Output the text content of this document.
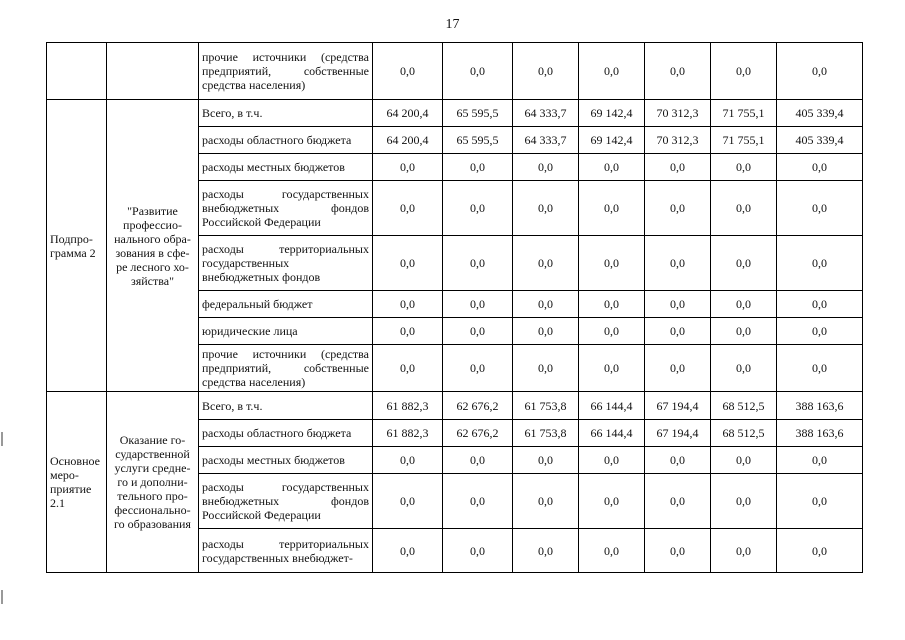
17
		прочие источники (средства предприятий, собственные средства населения)	0,0	0,0	0,0	0,0	0,0	0,0	0,0
Подпро-грамма 2	"Развитие профессио-нального обра-зования в сфе-ре лесного хо-зяйства"	Всего, в т.ч.	64 200,4	65 595,5	64 333,7	69 142,4	70 312,3	71 755,1	405 339,4
		расходы областного бюджета	64 200,4	65 595,5	64 333,7	69 142,4	70 312,3	71 755,1	405 339,4
		расходы местных бюджетов	0,0	0,0	0,0	0,0	0,0	0,0	0,0
		расходы государственных внебюджетных фондов Российской Федерации	0,0	0,0	0,0	0,0	0,0	0,0	0,0
		расходы территориальных государственных внебюджетных фондов	0,0	0,0	0,0	0,0	0,0	0,0	0,0
		федеральный бюджет	0,0	0,0	0,0	0,0	0,0	0,0	0,0
		юридические лица	0,0	0,0	0,0	0,0	0,0	0,0	0,0
		прочие источники (средства предприятий, собственные средства населения)	0,0	0,0	0,0	0,0	0,0	0,0	0,0
Основное меро-приятие 2.1	Оказание го-сударственной услуги средне-го и дополни-тельного про-фессионально-го образования	Всего, в т.ч.	61 882,3	62 676,2	61 753,8	66 144,4	67 194,4	68 512,5	388 163,6
		расходы областного бюджета	61 882,3	62 676,2	61 753,8	66 144,4	67 194,4	68 512,5	388 163,6
		расходы местных бюджетов	0,0	0,0	0,0	0,0	0,0	0,0	0,0
		расходы государственных внебюджетных фондов Российской Федерации	0,0	0,0	0,0	0,0	0,0	0,0	0,0
		расходы территориальных государственных внебюджет-	0,0	0,0	0,0	0,0	0,0	0,0	0,0
